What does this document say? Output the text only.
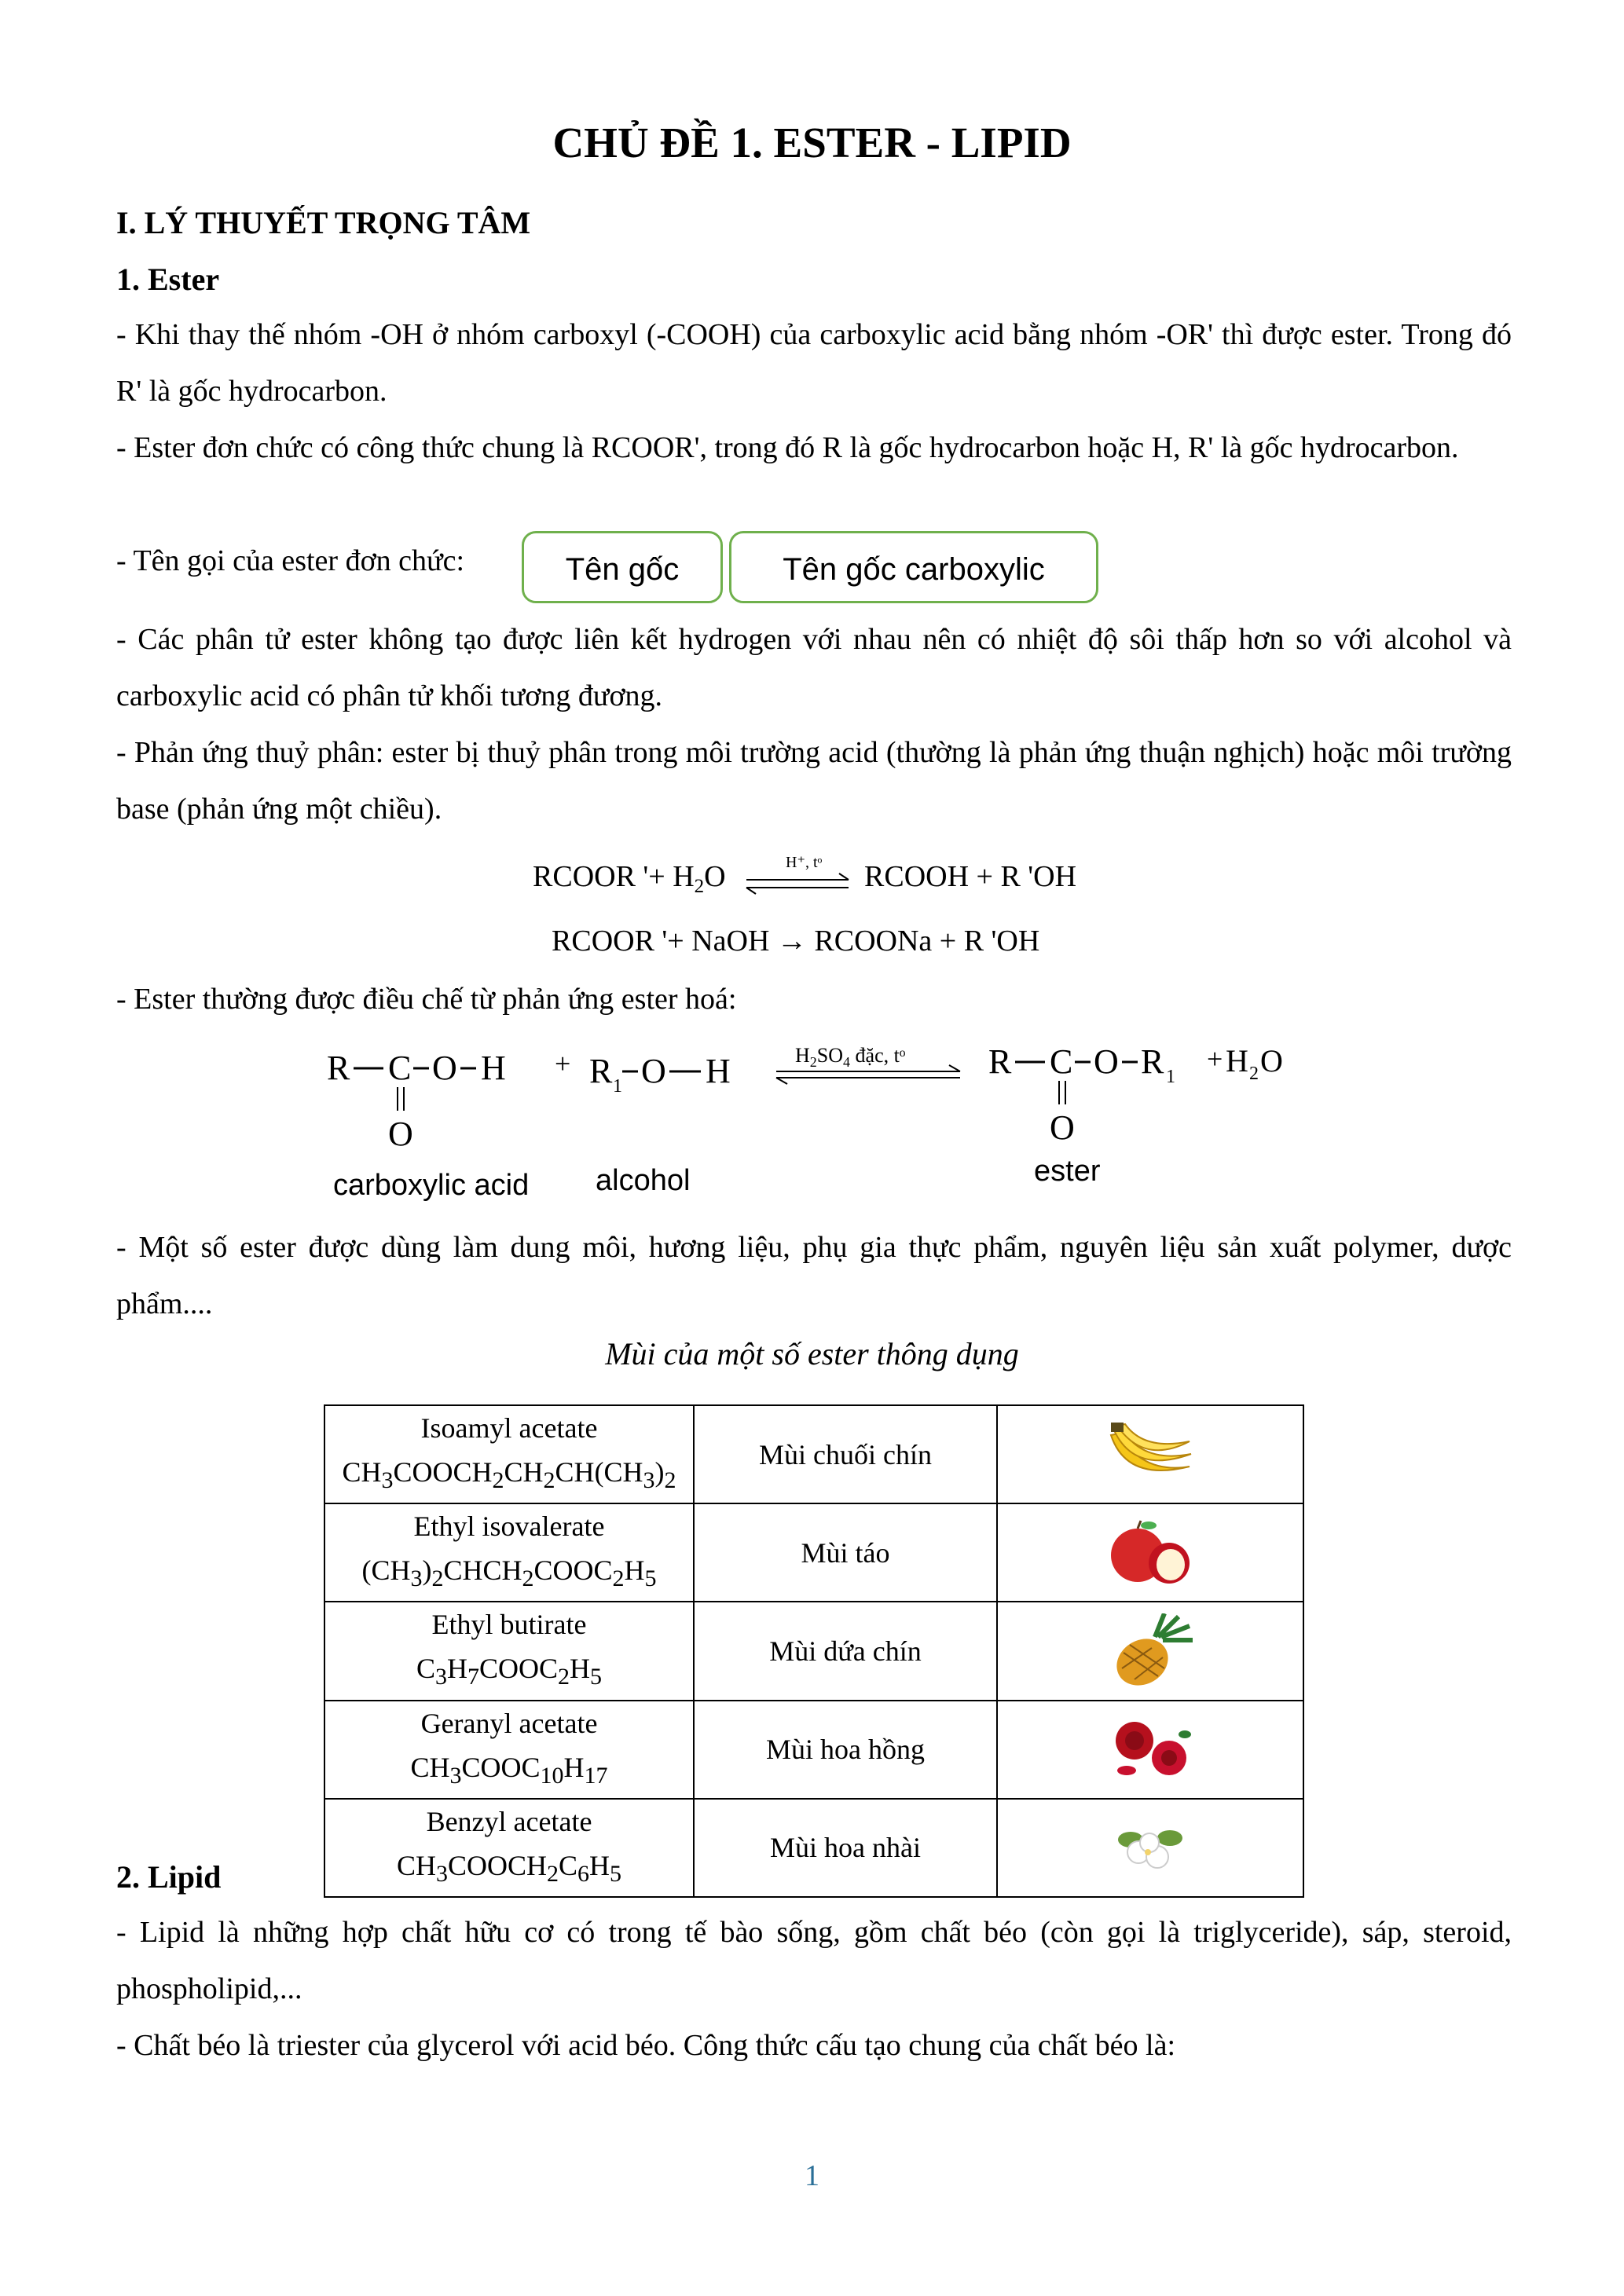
CHỦ ĐỀ 1. ESTER - LIPID
I. LÝ THUYẾT TRỌNG TÂM
1. Ester
- Khi thay thế nhóm -OH ở nhóm carboxyl (-COOH) của carboxylic acid bằng nhóm -OR' thì được ester. Trong đó R' là gốc hydrocarbon.
- Ester đơn chức có công thức chung là RCOOR', trong đó R là gốc hydrocarbon hoặc H, R' là gốc hydrocarbon.
- Tên gọi của ester đơn chức:	Tên gốc	Tên gốc carboxylic
- Các phân tử ester không tạo được liên kết hydrogen với nhau nên có nhiệt độ sôi thấp hơn so với alcohol và carboxylic acid có phân tử khối tương đương.
- Phản ứng thuỷ phân: ester bị thuỷ phân trong môi trường acid (thường là phản ứng thuận nghịch) hoặc môi trường base (phản ứng một chiều).
RCOOR '+ $H_2O$	H⁺, tᵒ RCOOH + R 'OH
RCOOR '+ NaOH → RCOONa + R 'OH
- Ester thường được điều chế từ phản ứng ester hoá:
R C O H
O
+ R 1 O H	R C O R 1
O
+ H 2 O
$H_2SO_4$ đặc, tᵒ
carboxylic acid alcohol	ester
- Một số ester được dùng làm dung môi, hương liệu, phụ gia thực phẩm, nguyên liệu sản xuất polymer, dược phẩm....
Mùi của một số ester thông dụng
Isoamyl acetate
$CH_3COOCH_2CH_2CH(CH_3)_2$	Mùi chuối chín	

Ethyl isovalerate
$(CH_3)_2CHCH_2COOC_2H_5$	Mùi táo	

Ethyl butirate
$C_3H_7COOC_2H_5$	Mùi dứa chín	

Geranyl acetate
$CH_3COOC_{10}H_{17}$	Mùi hoa hồng	

Benzyl acetate
$CH_3COOCH_2C_6H_5$	Mùi hoa nhài	
2. Lipid
- Lipid là những hợp chất hữu cơ có trong tế bào sống, gồm chất béo (còn gọi là triglyceride), sáp, steroid, phospholipid,...
- Chất béo là triester của glycerol với acid béo. Công thức cấu tạo chung của chất béo là:
1
